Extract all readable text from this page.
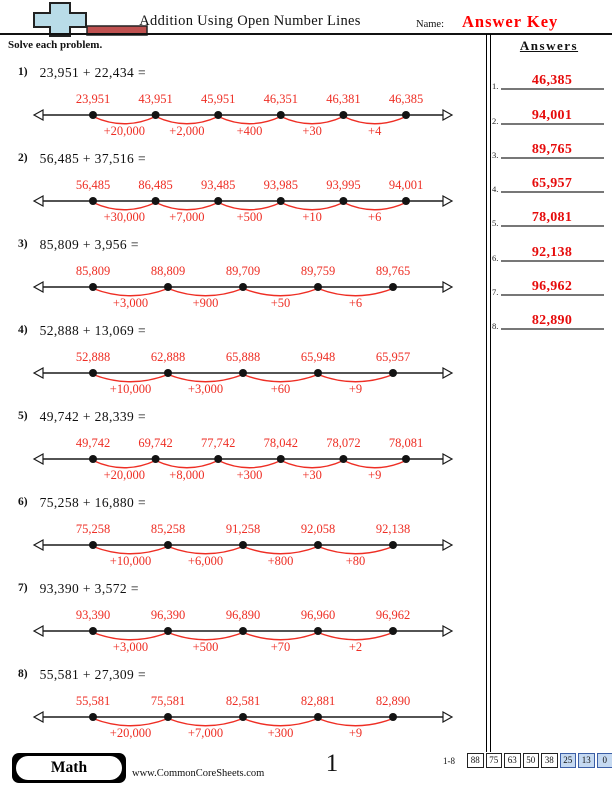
Addition Using Open Number Lines	Name: Answer Key
Solve each problem.
1) 23,951 + 22,434 =
+20,000 +2,000	+400	+30	+4
23,951 43,951 45,951 46,351 46,381 46,385
2) 56,485 + 37,516 =
+30,000 +7,000	+500	+10	+6
56,485 86,485 93,485 93,985 93,995 94,001
3) 85,809 + 3,956 =
+3,000	+900	+50	+6
85,809	88,809	89,709	89,759	89,765
4) 52,888 + 13,069 =
+10,000	+3,000	+60	+9
52,888	62,888	65,888	65,948	65,957
5) 49,742 + 28,339 =
+20,000 +8,000	+300	+30	+9
49,742 69,742 77,742 78,042 78,072 78,081
6) 75,258 + 16,880 =
+10,000	+6,000	+800	+80
75,258	85,258	91,258	92,058	92,138
7) 93,390 + 3,572 =
+3,000	+500	+70	+2
93,390	96,390	96,890	96,960	96,962
8) 55,581 + 27,309 =
+20,000	+7,000	+300	+9
55,581	75,581	82,581	82,881	82,890
Answers
1.	46,385
2.	94,001
3.	89,765
4.	65,957
5.	78,081
6.	92,138
7.	96,962
8.	82,890
Math	www.CommonCoreSheets.com	1	1-8	88	75	63	50	38	25	13	0
